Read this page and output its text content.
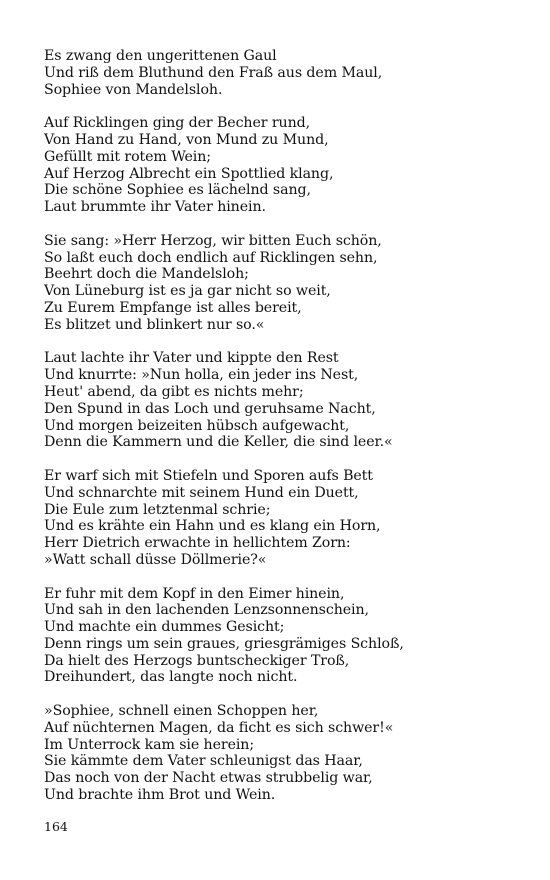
Es zwang den ungerittenen Gaul
Und riß dem Bluthund den Fraß aus dem Maul,
Sophiee von Mandelsloh.
Auf Ricklingen ging der Becher rund,
Von Hand zu Hand, von Mund zu Mund,
Gefüllt mit rotem Wein;
Auf Herzog Albrecht ein Spottlied klang,
Die schöne Sophiee es lächelnd sang,
Laut brummte ihr Vater hinein.
Sie sang: »Herr Herzog, wir bitten Euch schön,
So laßt euch doch endlich auf Ricklingen sehn,
Beehrt doch die Mandelsloh;
Von Lüneburg ist es ja gar nicht so weit,
Zu Eurem Empfange ist alles bereit,
Es blitzet und blinkert nur so.«
Laut lachte ihr Vater und kippte den Rest
Und knurrte: »Nun holla, ein jeder ins Nest,
Heut' abend, da gibt es nichts mehr;
Den Spund in das Loch und geruhsame Nacht,
Und morgen beizeiten hübsch aufgewacht,
Denn die Kammern und die Keller, die sind leer.«
Er warf sich mit Stiefeln und Sporen aufs Bett
Und schnarchte mit seinem Hund ein Duett,
Die Eule zum letztenmal schrie;
Und es krähte ein Hahn und es klang ein Horn,
Herr Dietrich erwachte in hellichtem Zorn:
»Watt schall düsse Döllmerie?«
Er fuhr mit dem Kopf in den Eimer hinein,
Und sah in den lachenden Lenzsonnenschein,
Und machte ein dummes Gesicht;
Denn rings um sein graues, griesgrämiges Schloß,
Da hielt des Herzogs buntscheckiger Troß,
Dreihundert, das langte noch nicht.
»Sophiee, schnell einen Schoppen her,
Auf nüchternen Magen, da ficht es sich schwer!«
Im Unterrock kam sie herein;
Sie kämmte dem Vater schleunigst das Haar,
Das noch von der Nacht etwas strubbelig war,
Und brachte ihm Brot und Wein.
164
